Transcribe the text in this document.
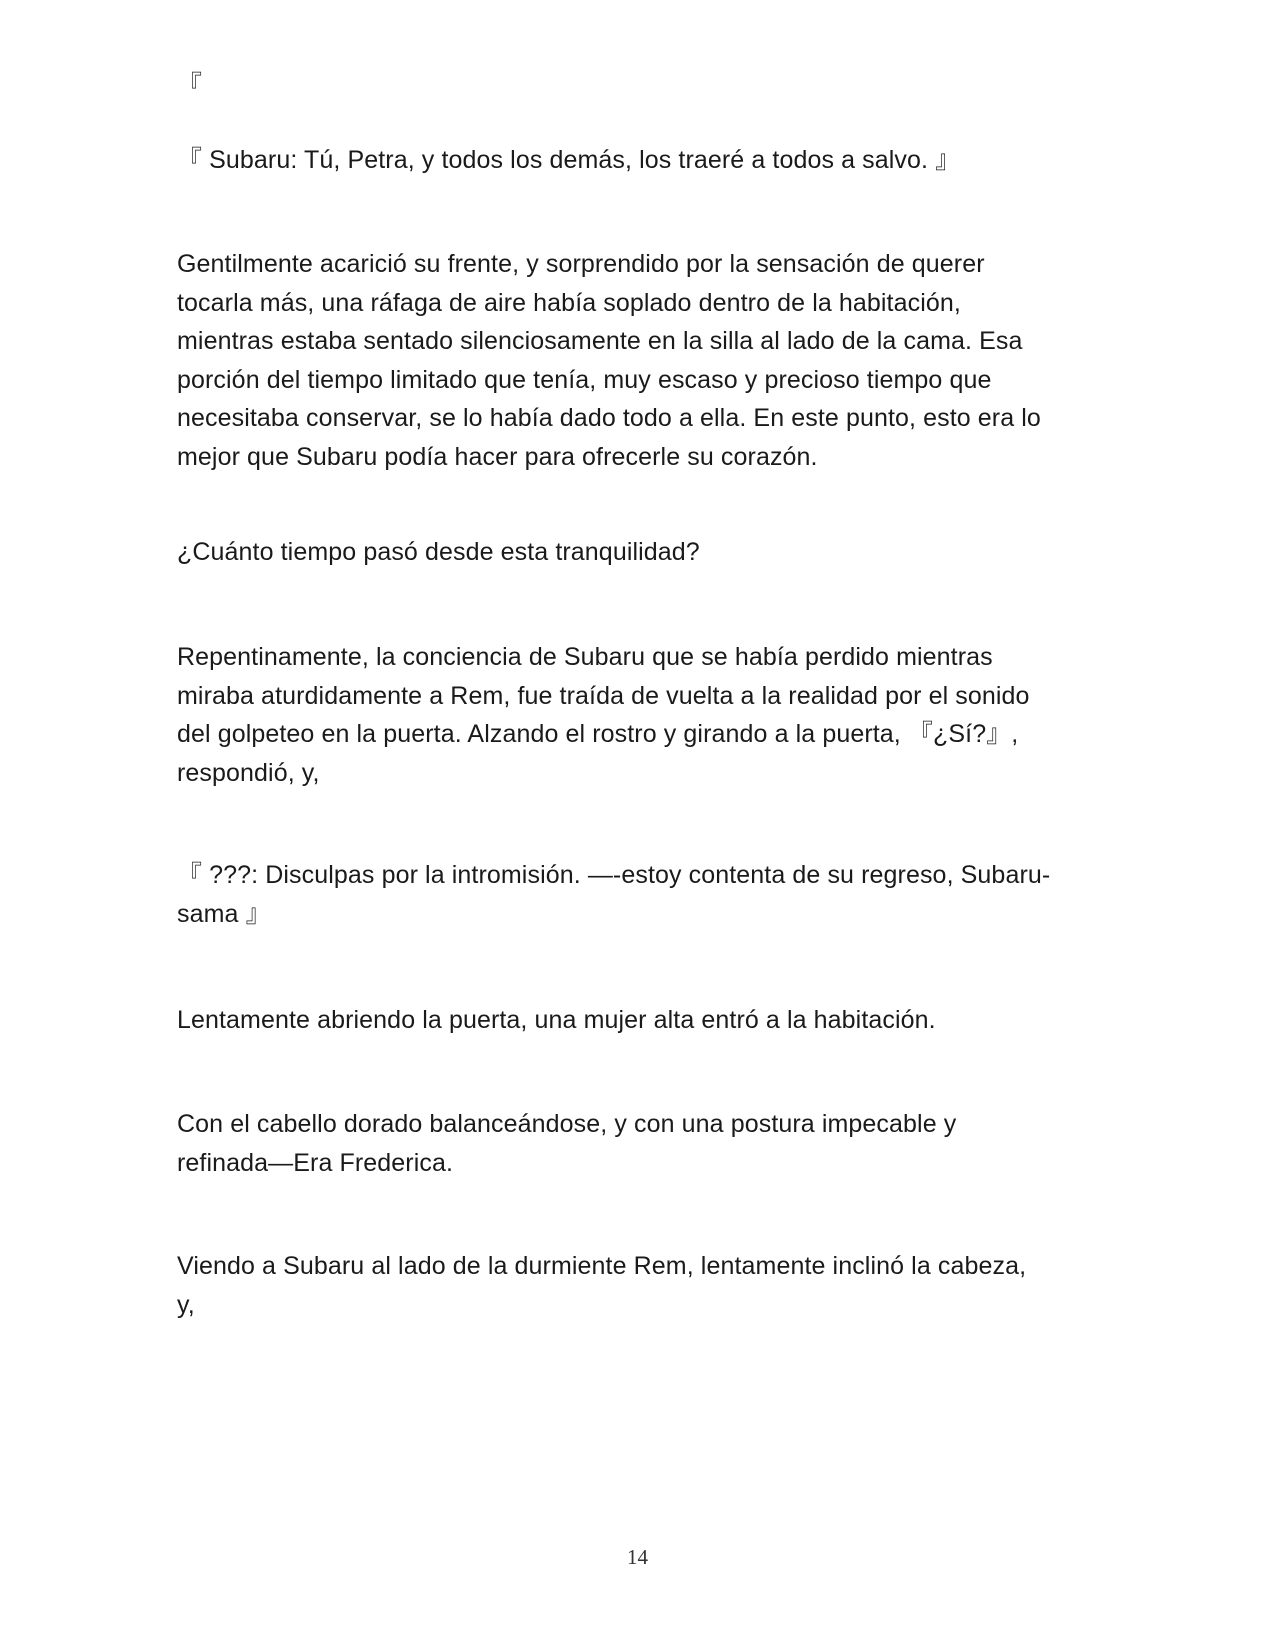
『

『 Subaru: Tú, Petra, y todos los demás, los traeré a todos a salvo. 』

Gentilmente acarició su frente, y sorprendido por la sensación de querer
tocarla más, una ráfaga de aire había soplado dentro de la habitación,
mientras estaba sentado silenciosamente en la silla al lado de la cama. Esa
porción del tiempo limitado que tenía, muy escaso y precioso tiempo que
necesitaba conservar, se lo había dado todo a ella. En este punto, esto era lo
mejor que Subaru podía hacer para ofrecerle su corazón.

¿Cuánto tiempo pasó desde esta tranquilidad?

Repentinamente, la conciencia de Subaru que se había perdido mientras
miraba aturdidamente a Rem, fue traída de vuelta a la realidad por el sonido
del golpeteo en la puerta. Alzando el rostro y girando a la puerta, 『¿Sí?』,
respondió, y,

『 ???: Disculpas por la intromisión. —-estoy contenta de su regreso, Subaru-
sama 』

Lentamente abriendo la puerta, una mujer alta entró a la habitación.

Con el cabello dorado balanceándose, y con una postura impecable y
refinada—Era Frederica.

Viendo a Subaru al lado de la durmiente Rem, lentamente inclinó la cabeza,
y,

14
